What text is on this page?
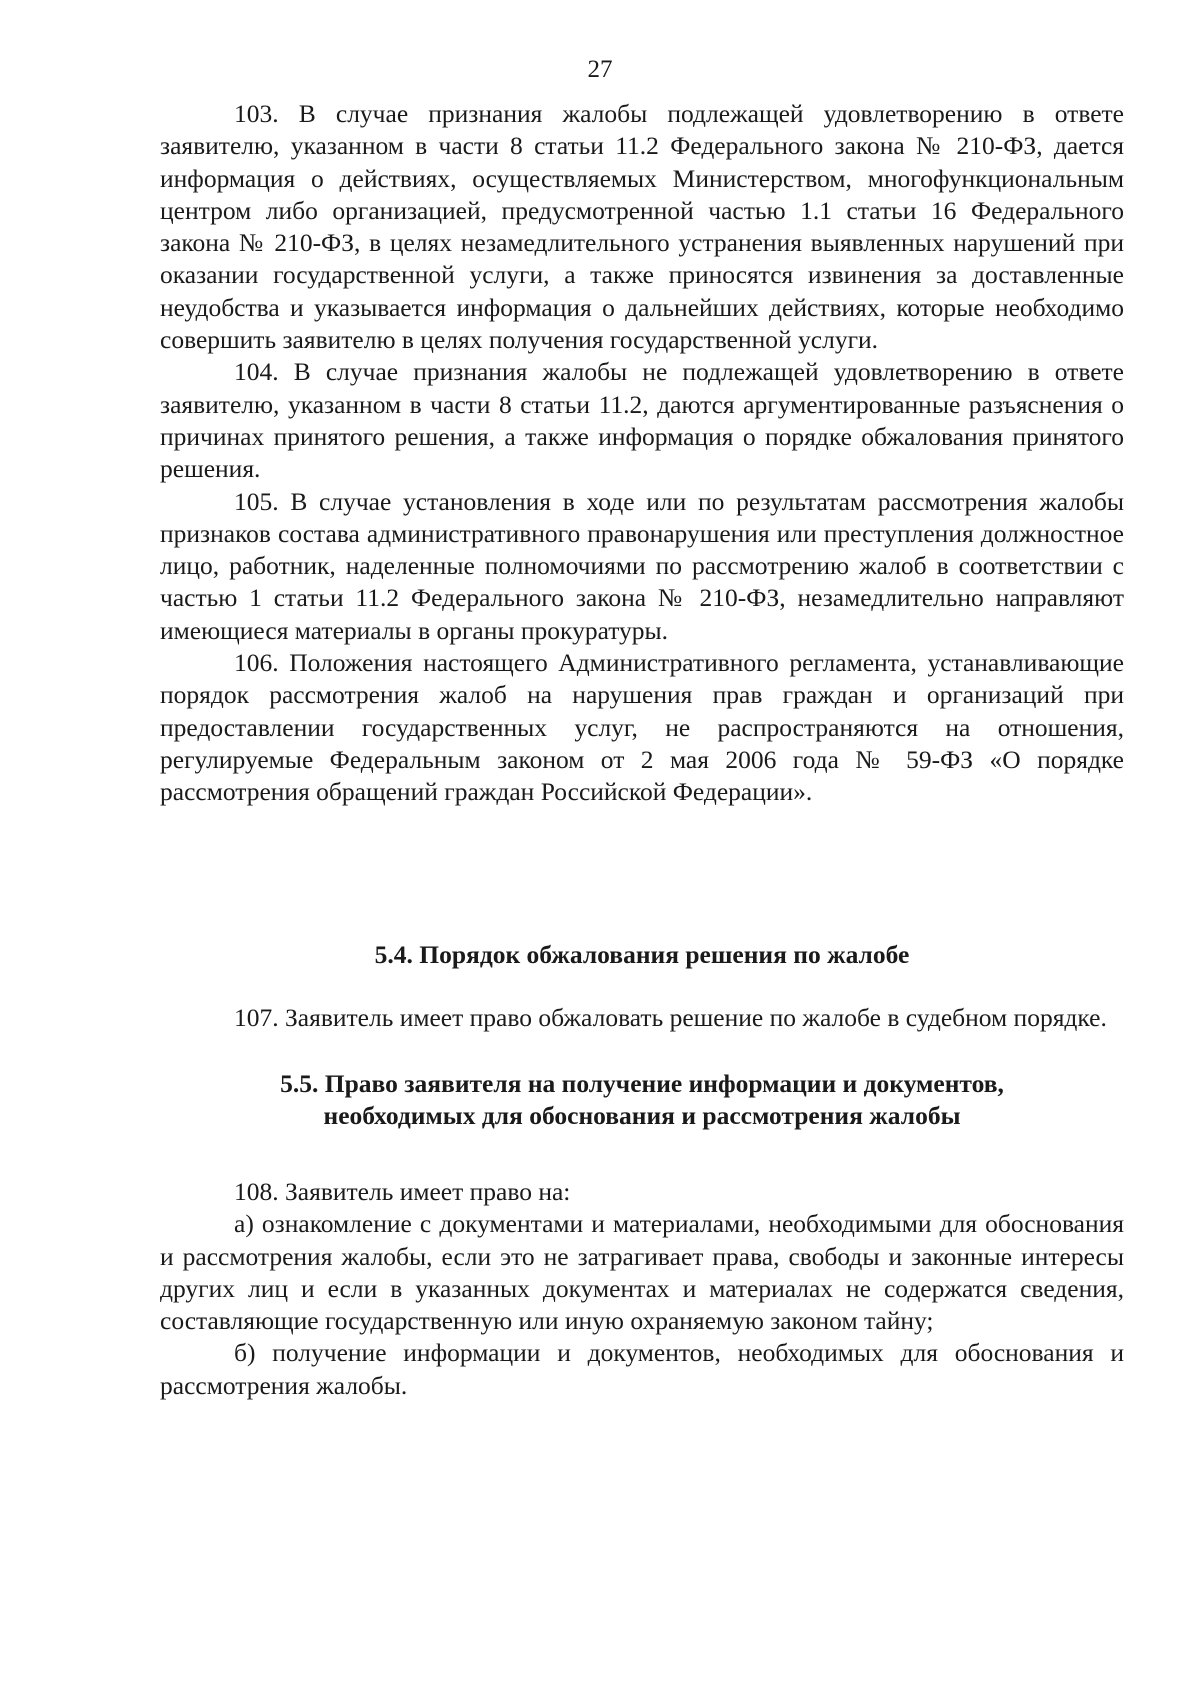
27

103. В случае признания жалобы подлежащей удовлетворению в ответе заявителю, указанном в части 8 статьи 11.2 Федерального закона № 210-ФЗ, дается информация о действиях, осуществляемых Министерством, многофункциональным центром либо организацией, предусмотренной частью 1.1 статьи 16 Федерального закона № 210-ФЗ, в целях незамедлительного устранения выявленных нарушений при оказании государственной услуги, а также приносятся извинения за доставленные неудобства и указывается информация о дальнейших действиях, которые необходимо совершить заявителю в целях получения государственной услуги.

104. В случае признания жалобы не подлежащей удовлетворению в ответе заявителю, указанном в части 8 статьи 11.2, даются аргументированные разъяснения о причинах принятого решения, а также информация о порядке обжалования принятого решения.

105. В случае установления в ходе или по результатам рассмотрения жалобы признаков состава административного правонарушения или преступления должностное лицо, работник, наделенные полномочиями по рассмотрению жалоб в соответствии с частью 1 статьи 11.2 Федерального закона № 210-ФЗ, незамедлительно направляют имеющиеся материалы в органы прокуратуры.

106. Положения настоящего Административного регламента, устанавливающие порядок рассмотрения жалоб на нарушения прав граждан и организаций при предоставлении государственных услуг, не распространяются на отношения, регулируемые Федеральным законом от 2 мая 2006 года № 59-ФЗ «О порядке рассмотрения обращений граждан Российской Федерации».

5.4. Порядок обжалования решения по жалобе

107. Заявитель имеет право обжаловать решение по жалобе в судебном порядке.

5.5. Право заявителя на получение информации и документов,

необходимых для обоснования и рассмотрения жалобы

108. Заявитель имеет право на:

а) ознакомление с документами и материалами, необходимыми для обоснования и рассмотрения жалобы, если это не затрагивает права, свободы и законные интересы других лиц и если в указанных документах и материалах не содержатся сведения, составляющие государственную или иную охраняемую законом тайну;

б) получение информации и документов, необходимых для обоснования и рассмотрения жалобы.
